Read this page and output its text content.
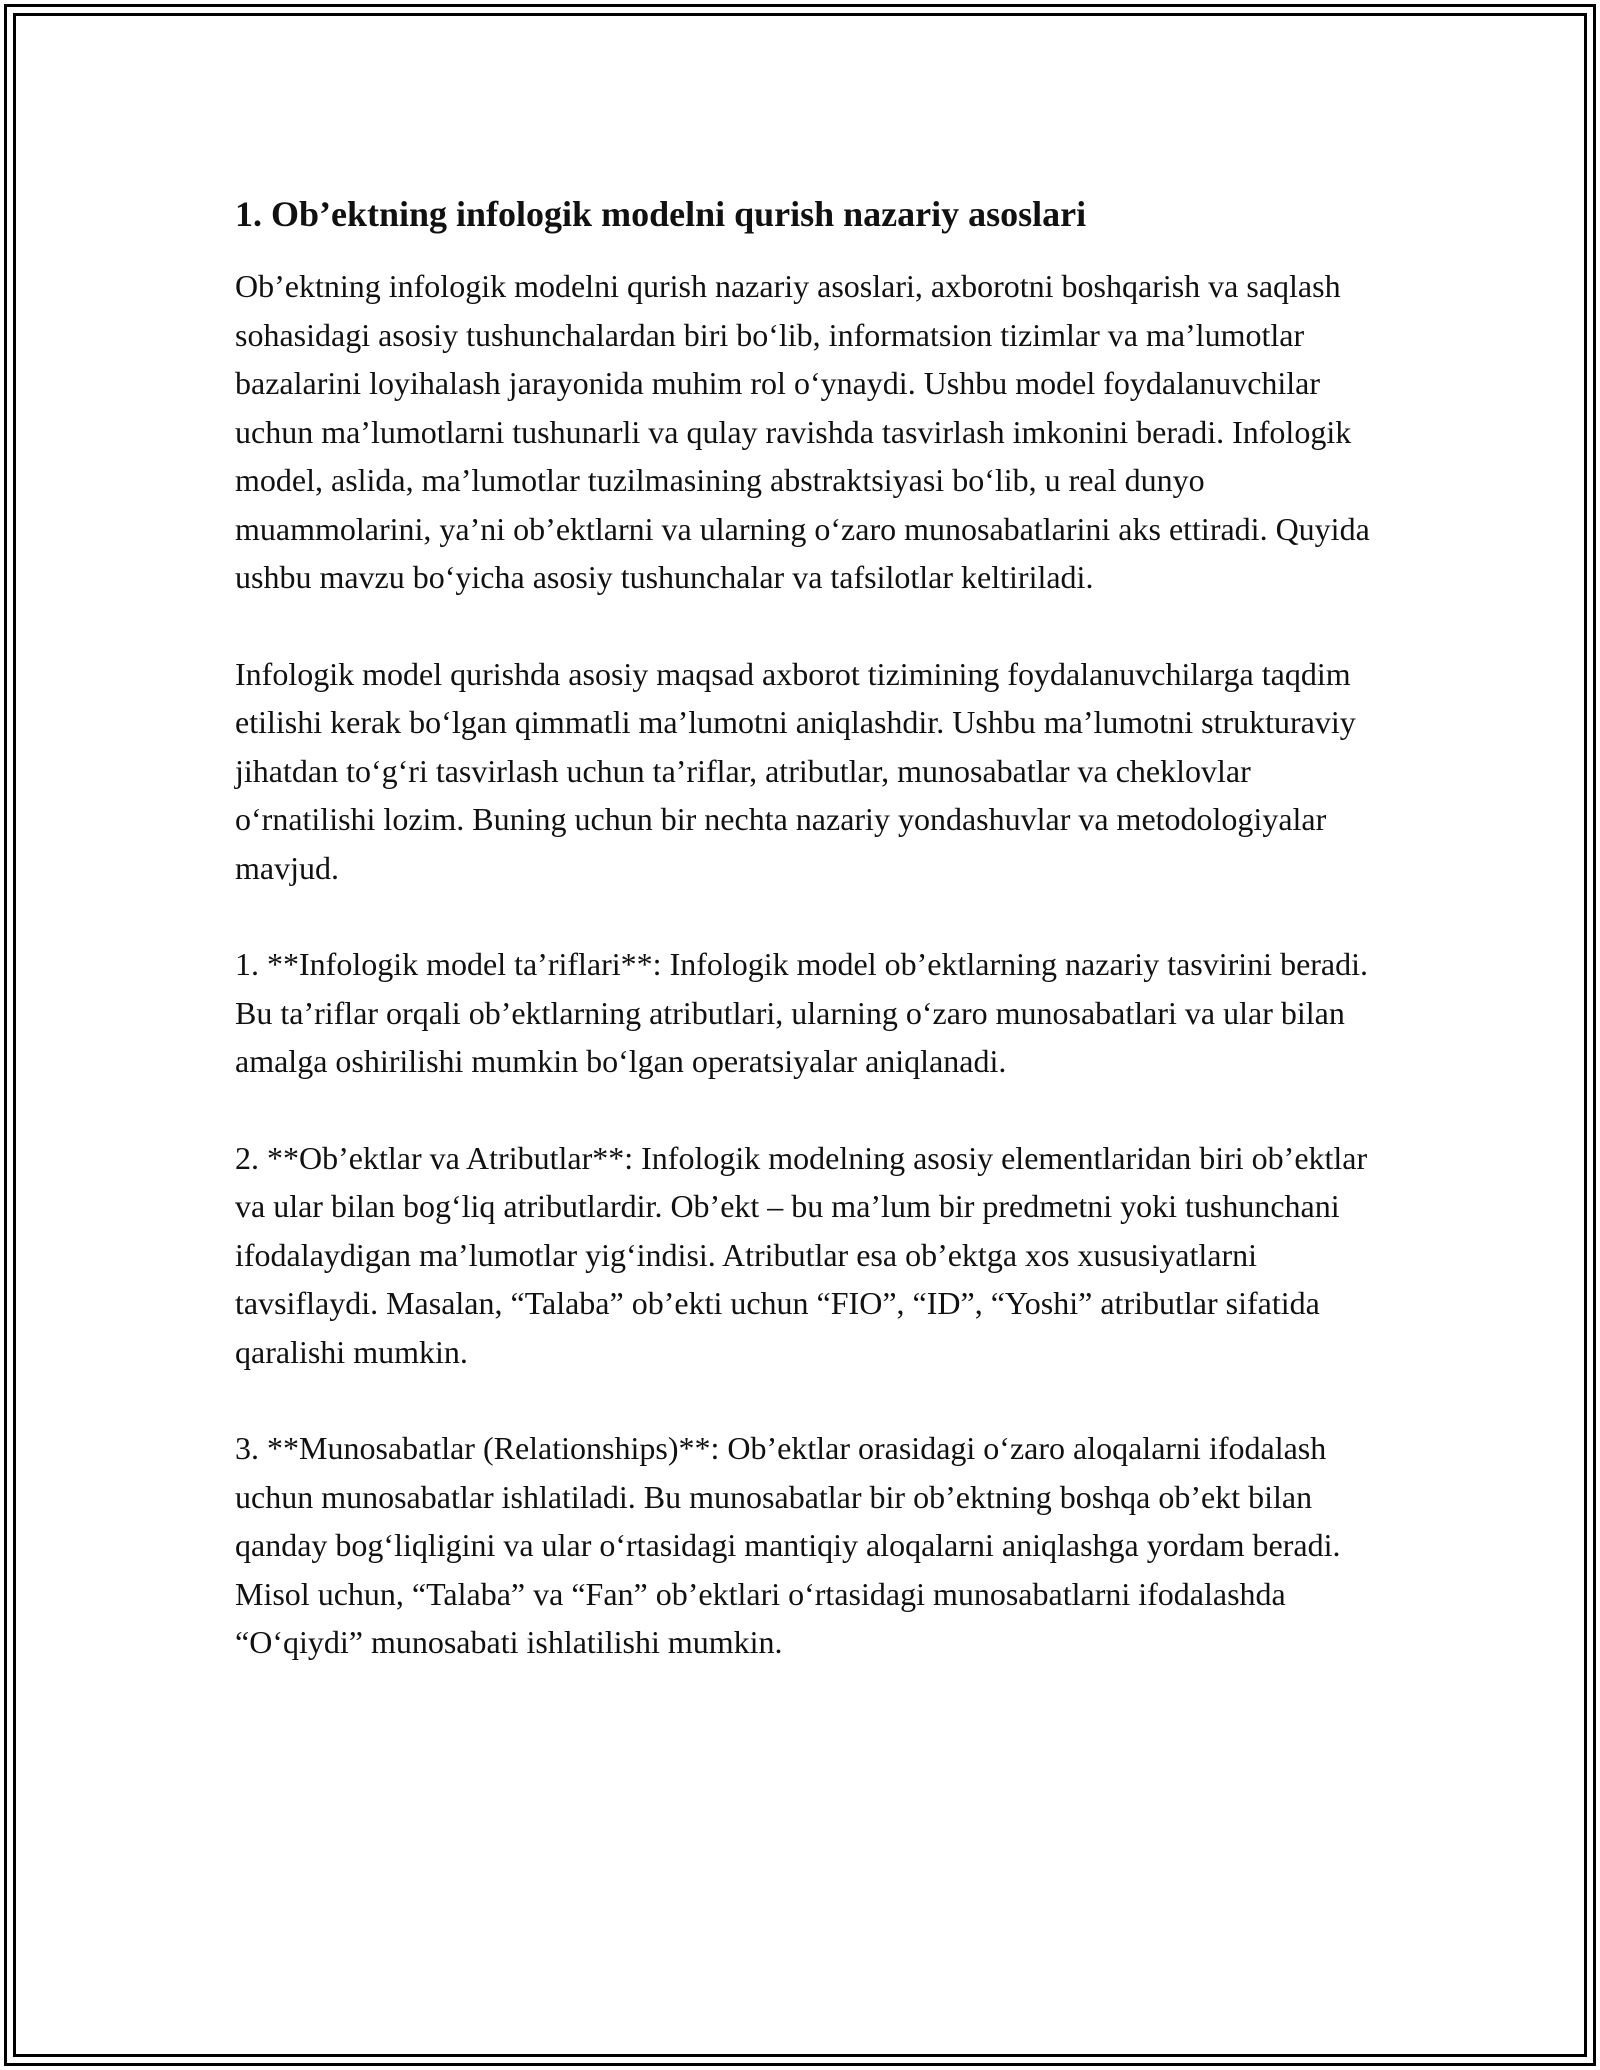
1. Ob’ektning infologik modelni qurish nazariy asoslari

Ob’ektning infologik modelni qurish nazariy asoslari, axborotni boshqarish va saqlash sohasidagi asosiy tushunchalardan biri bo‘lib, informatsion tizimlar va ma’lumotlar bazalarini loyihalash jarayonida muhim rol o‘ynaydi. Ushbu model foydalanuvchilar uchun ma’lumotlarni tushunarli va qulay ravishda tasvirlash imkonini beradi. Infologik model, aslida, ma’lumotlar tuzilmasining abstraktsiyasi bo‘lib, u real dunyo muammolarini, ya’ni ob’ektlarni va ularning o‘zaro munosabatlarini aks ettiradi. Quyida ushbu mavzu bo‘yicha asosiy tushunchalar va tafsilotlar keltiriladi.

Infologik model qurishda asosiy maqsad axborot tizimining foydalanuvchilarga taqdim etilishi kerak bo‘lgan qimmatli ma’lumotni aniqlashdir. Ushbu ma’lumotni strukturaviy jihatdan to‘g‘ri tasvirlash uchun ta’riflar, atributlar, munosabatlar va cheklovlar o‘rnatilishi lozim. Buning uchun bir nechta nazariy yondashuvlar va metodologiyalar mavjud.

1. **Infologik model ta’riflari**: Infologik model ob’ektlarning nazariy tasvirini beradi. Bu ta’riflar orqali ob’ektlarning atributlari, ularning o‘zaro munosabatlari va ular bilan amalga oshirilishi mumkin bo‘lgan operatsiyalar aniqlanadi.

2. **Ob’ektlar va Atributlar**: Infologik modelning asosiy elementlaridan biri ob’ektlar va ular bilan bog‘liq atributlardir. Ob’ekt – bu ma’lum bir predmetni yoki tushunchani ifodalaydigan ma’lumotlar yig‘indisi. Atributlar esa ob’ektga xos xususiyatlarni tavsiflaydi. Masalan, “Talaba” ob’ekti uchun “FIO”, “ID”, “Yoshi” atributlar sifatida qaralishi mumkin.

3. **Munosabatlar (Relationships)**: Ob’ektlar orasidagi o‘zaro aloqalarni ifodalash uchun munosabatlar ishlatiladi. Bu munosabatlar bir ob’ektning boshqa ob’ekt bilan qanday bog‘liqligini va ular o‘rtasidagi mantiqiy aloqalarni aniqlashga yordam beradi. Misol uchun, “Talaba” va “Fan” ob’ektlari o‘rtasidagi munosabatlarni ifodalashda “O‘qiydi” munosabati ishlatilishi mumkin.
